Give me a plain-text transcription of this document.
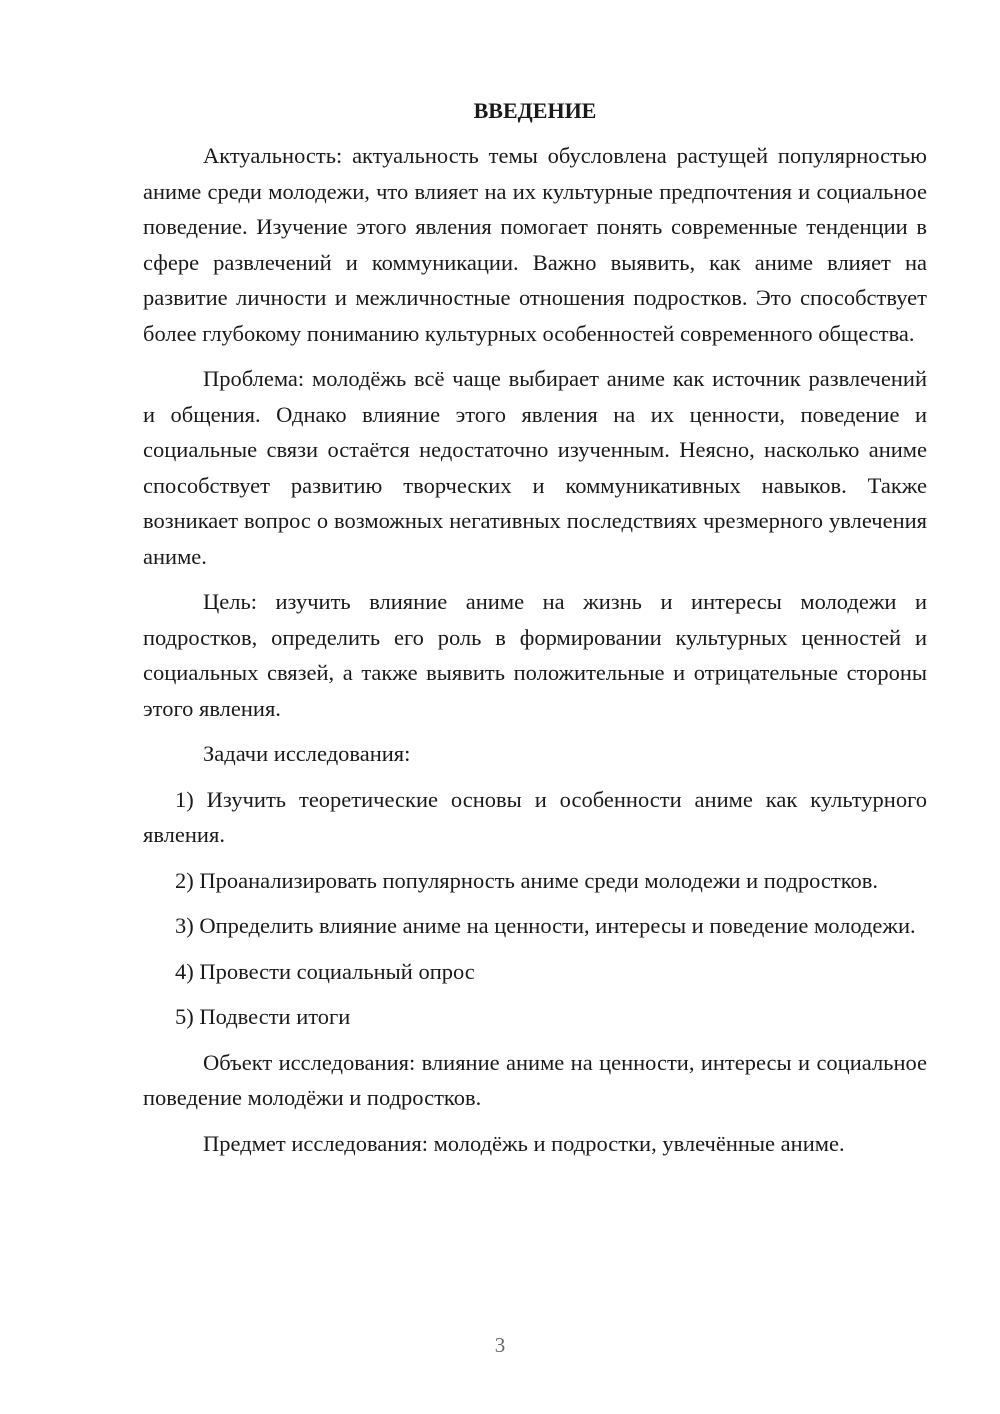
ВВЕДЕНИЕ

Актуальность: актуальность темы обусловлена растущей популярностью аниме среди молодежи, что влияет на их культурные предпочтения и социальное поведение. Изучение этого явления помогает понять современные тенденции в сфере развлечений и коммуникации. Важно выявить, как аниме влияет на развитие личности и межличностные отношения подростков. Это способствует более глубокому пониманию культурных особенностей современного общества.

Проблема: молодёжь всё чаще выбирает аниме как источник развлечений и общения. Однако влияние этого явления на их ценности, поведение и социальные связи остаётся недостаточно изученным. Неясно, насколько аниме способствует развитию творческих и коммуникативных навыков. Также возникает вопрос о возможных негативных последствиях чрезмерного увлечения аниме.

Цель: изучить влияние аниме на жизнь и интересы молодежи и подростков, определить его роль в формировании культурных ценностей и социальных связей, а также выявить положительные и отрицательные стороны этого явления.

Задачи исследования:

1) Изучить теоретические основы и особенности аниме как культурного явления.

2) Проанализировать популярность аниме среди молодежи и подростков.

3) Определить влияние аниме на ценности, интересы и поведение молодежи.

4) Провести социальный опрос

5) Подвести итоги

Объект исследования: влияние аниме на ценности, интересы и социальное поведение молодёжи и подростков.

Предмет исследования: молодёжь и подростки, увлечённые аниме.

3
